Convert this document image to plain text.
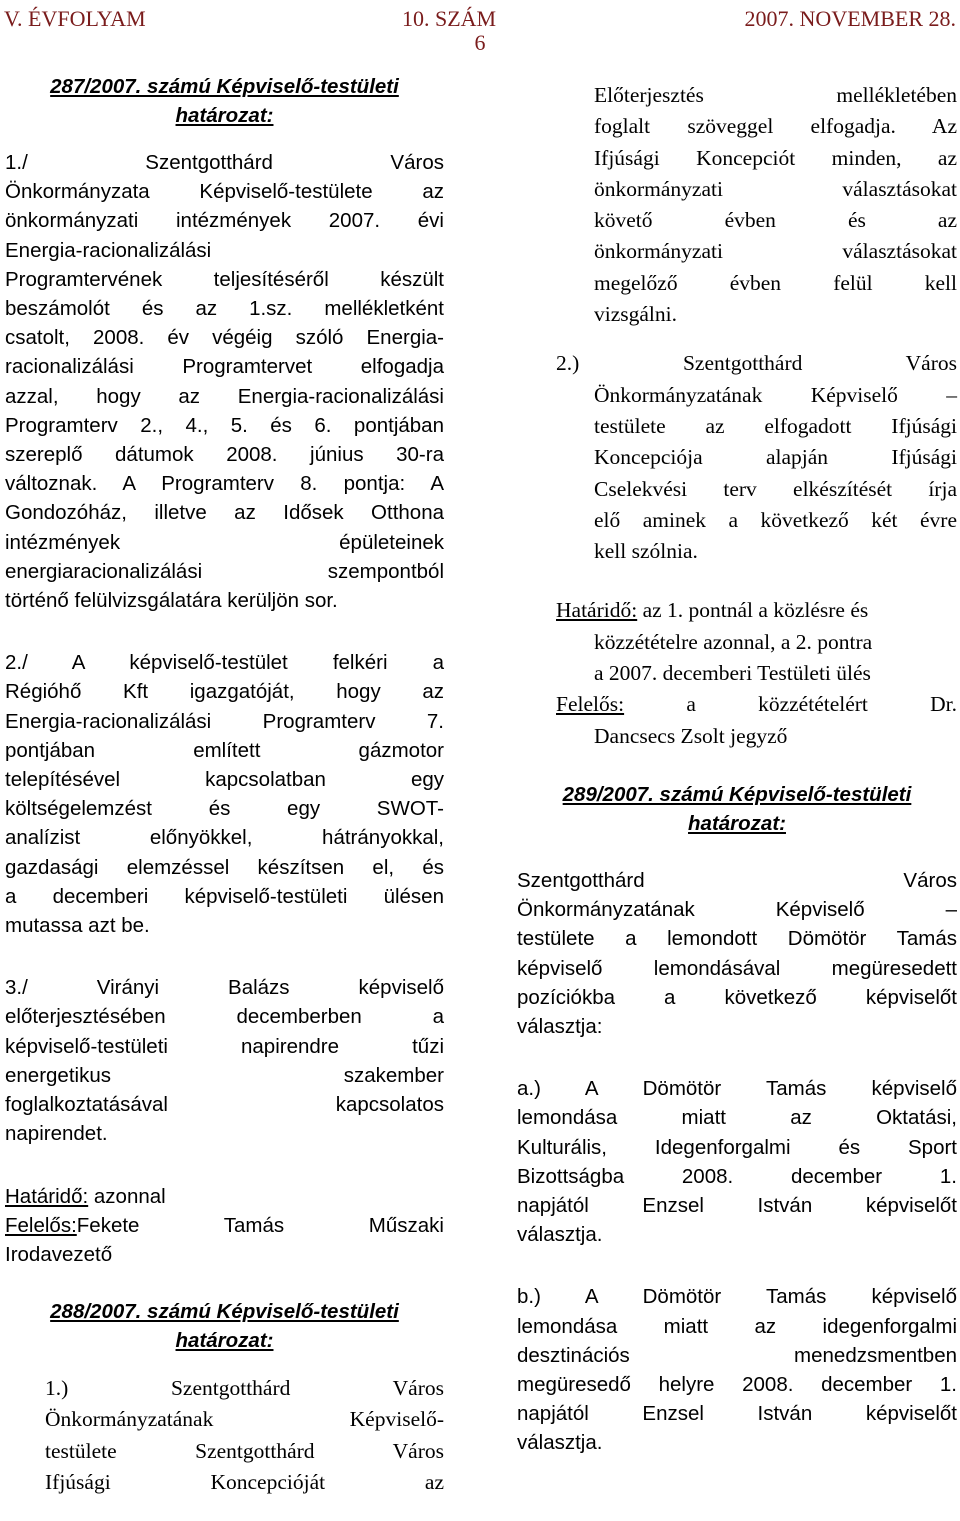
V. ÉVFOLYAM	10. SZÁM	2007. NOVEMBER 28.
6
287/2007. számú Képviselő-testületi
határozat:
1./ Szentgotthárd Város
Önkormányzata Képviselő-testülete az
önkormányzati intézmények 2007. évi
Energia-racionalizálási
Programtervének teljesítéséről készült
beszámolót és az 1.sz. mellékletként
csatolt, 2008. év végéig szóló Energia-
racionalizálási Programtervet elfogadja
azzal, hogy az Energia-racionalizálási
Programterv 2., 4., 5. és 6. pontjában
szereplő dátumok 2008. június 30-ra
változnak. A Programterv 8. pontja: A
Gondozóház, illetve az Idősek Otthona
intézmények épületeinek
energiaracionalizálási szempontból
történő felülvizsgálatára kerüljön sor.
2./ A képviselő-testület felkéri a
Régióhő Kft igazgatóját, hogy az
Energia-racionalizálási Programterv 7.
pontjában említett gázmotor
telepítésével kapcsolatban egy
költségelemzést és egy SWOT-
analízist előnyökkel, hátrányokkal,
gazdasági elemzéssel készítsen el, és
a decemberi képviselő-testületi ülésen
mutassa azt be.
3./ Virányi Balázs képviselő
előterjesztésében decemberben a
képviselő-testületi napirendre tűzi
energetikus szakember
foglalkoztatásával kapcsolatos
napirendet.
Határidő: azonnal
Felelős:Fekete Tamás Műszaki
Irodavezető
288/2007. számú Képviselő-testületi
határozat:
1.) Szentgotthárd Város
Önkormányzatának Képviselő-
testülete Szentgotthárd Város
Ifjúsági Koncepcióját az
Előterjesztés mellékletében
foglalt szöveggel elfogadja. Az
Ifjúsági Koncepciót minden, az
önkormányzati választásokat
követő évben és az
önkormányzati választásokat
megelőző évben felül kell
vizsgálni.
2.) Szentgotthárd Város
Önkormányzatának Képviselő –
testülete az elfogadott Ifjúsági
Koncepciója alapján Ifjúsági
Cselekvési terv elkészítését írja
elő aminek a következő két évre
kell szólnia.
Határidő: az 1. pontnál a közlésre és
közzétételre azonnal, a 2. pontra
a 2007. decemberi Testületi ülés
Felelős:	a közzétételért Dr.
Dancsecs Zsolt jegyző
289/2007. számú Képviselő-testületi
határozat:
Szentgotthárd Város
Önkormányzatának Képviselő –
testülete a lemondott Dömötör Tamás
képviselő lemondásával megüresedett
pozíciókba a következő képviselőt
választja:
a.) A Dömötör Tamás képviselő
lemondása miatt az Oktatási,
Kulturális, Idegenforgalmi és Sport
Bizottságba 2008. december 1.
napjától Enzsel István képviselőt
választja.
b.) A Dömötör Tamás képviselő
lemondása miatt az idegenforgalmi
desztinációs menedzsmentben
megüresedő helyre 2008. december 1.
napjától Enzsel István képviselőt
választja.
